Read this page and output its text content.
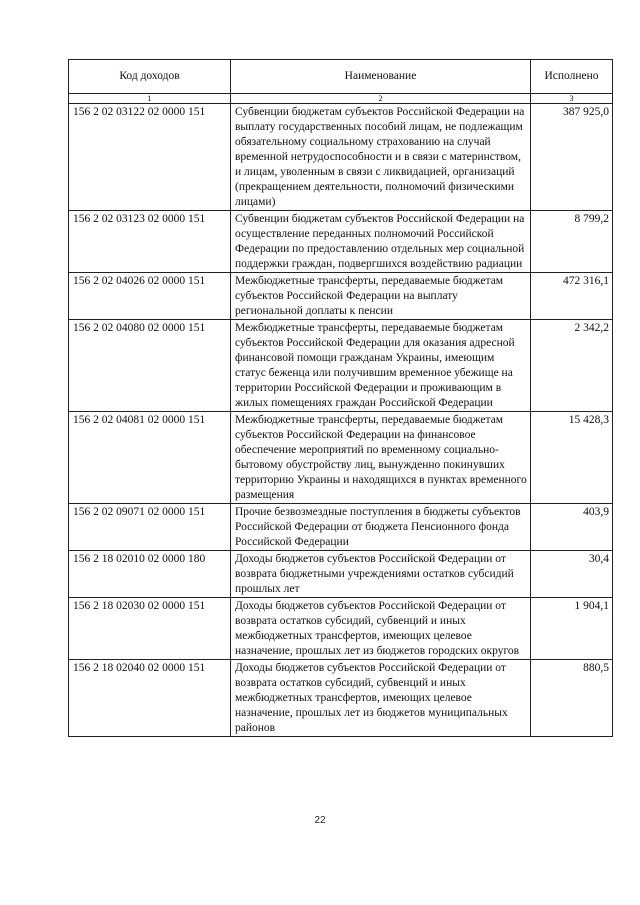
Код доходов	Наименование	Исполнено
1	2	3
156 2 02 03122 02 0000 151	Субвенции бюджетам субъектов Российской Федерации на выплату государственных пособий лицам, не подлежащим обязательному социальному страхованию на случай временной нетрудоспособности и в связи с материнством, и лицам, уволенным в связи с ликвидацией, организаций (прекращением деятельности, полномочий физическими лицами)	387 925,0
156 2 02 03123 02 0000 151	Субвенции бюджетам субъектов Российской Федерации на осуществление переданных полномочий Российской Федерации по предоставлению отдельных мер социальной поддержки граждан, подвергшихся воздействию радиации	8 799,2
156 2 02 04026 02 0000 151	Межбюджетные трансферты, передаваемые бюджетам субъектов Российской Федерации на выплату региональной доплаты к пенсии	472 316,1
156 2 02 04080 02 0000 151	Межбюджетные трансферты, передаваемые бюджетам субъектов Российской Федерации для оказания адресной финансовой помощи гражданам Украины, имеющим статус беженца или получившим временное убежище на территории Российской Федерации и проживающим в жилых помещениях граждан Российской Федерации	2 342,2
156 2 02 04081 02 0000 151	Межбюджетные трансферты, передаваемые бюджетам субъектов Российской Федерации на финансовое обеспечение мероприятий по временному социально-бытовому обустройству лиц, вынужденно покинувших территорию Украины и находящихся в пунктах временного размещения	15 428,3
156 2 02 09071 02 0000 151	Прочие безвозмездные поступления в бюджеты субъектов Российской Федерации от бюджета Пенсионного фонда Российской Федерации	403,9
156 2 18 02010 02 0000 180	Доходы бюджетов субъектов Российской Федерации от возврата бюджетными учреждениями остатков субсидий прошлых лет	30,4
156 2 18 02030 02 0000 151	Доходы бюджетов субъектов Российской Федерации от возврата остатков субсидий, субвенций и иных межбюджетных трансфертов, имеющих целевое назначение, прошлых лет из бюджетов городских округов	1 904,1
156 2 18 02040 02 0000 151	Доходы бюджетов субъектов Российской Федерации от возврата остатков субсидий, субвенций и иных межбюджетных трансфертов, имеющих целевое назначение, прошлых лет из бюджетов муниципальных районов	880,5
22
